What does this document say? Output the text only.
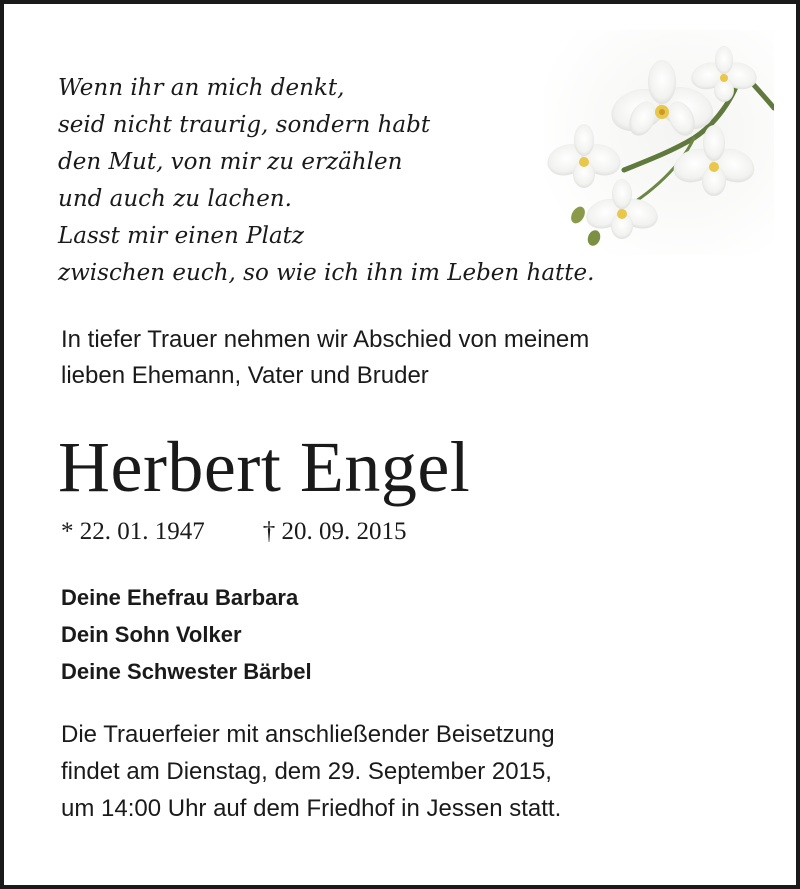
Wenn ihr an mich denkt,
seid nicht traurig, sondern habt
den Mut, von mir zu erzählen
und auch zu lachen.
Lasst mir einen Platz
zwischen euch, so wie ich ihn im Leben hatte.

In tiefer Trauer nehmen wir Abschied von meinem
lieben Ehemann, Vater und Bruder

Herbert Engel
* 22. 01. 1947 † 20. 09. 2015
Deine Ehefrau Barbara
Dein Sohn Volker
Deine Schwester Bärbel

Die Trauerfeier mit anschließender Beisetzung
findet am Dienstag, dem 29. September 2015,
um 14:00 Uhr auf dem Friedhof in Jessen statt.
